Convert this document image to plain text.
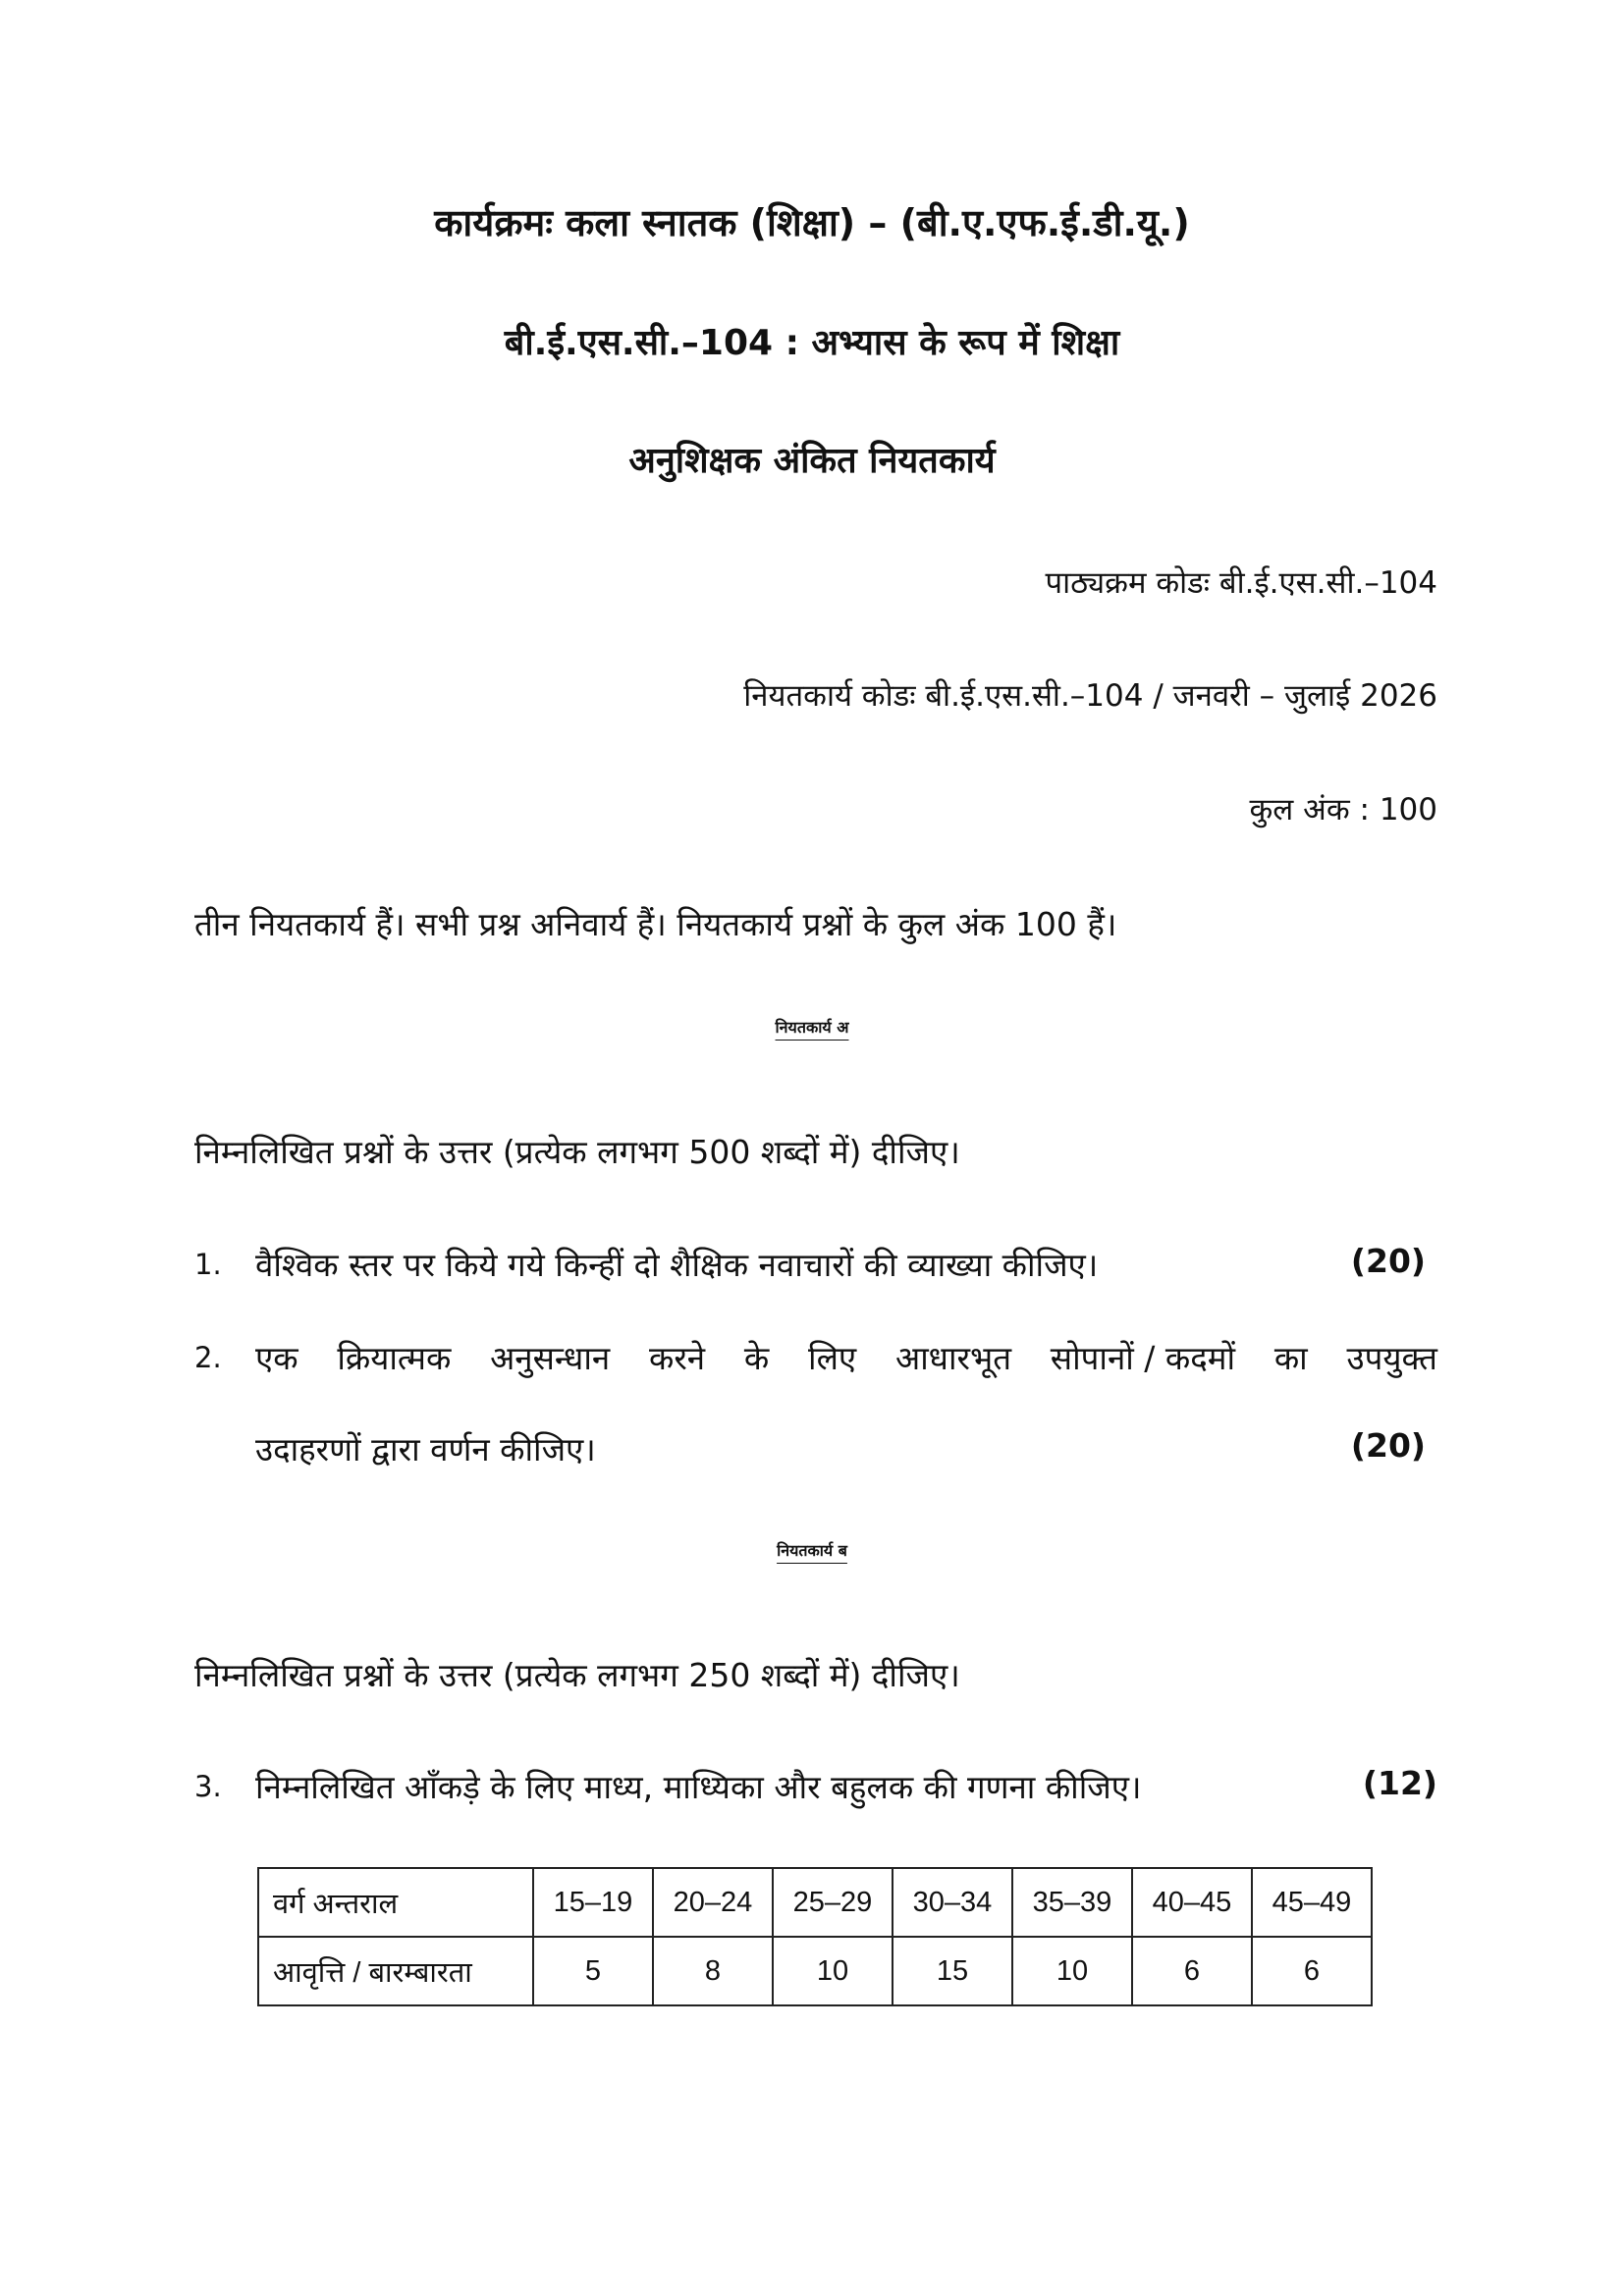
कार्यक्रमः कला स्नातक (शिक्षा) – (बी.ए.एफ.ई.डी.यू.)
बी.ई.एस.सी.–104 : अभ्यास के रूप में शिक्षा
अनुशिक्षक अंकित नियतकार्य
पाठ्यक्रम कोडः बी.ई.एस.सी.–104
नियतकार्य कोडः बी.ई.एस.सी.–104 / जनवरी – जुलाई 2026
कुल अंक : 100
तीन नियतकार्य हैं। सभी प्रश्न अनिवार्य हैं। नियतकार्य प्रश्नों के कुल अंक 100 हैं।
नियतकार्य अ
निम्नलिखित प्रश्नों के उत्तर (प्रत्येक लगभग 500 शब्दों में) दीजिए।
1. वैश्विक स्तर पर किये गये किन्हीं दो शैक्षिक नवाचारों की व्याख्या कीजिए।	(20)
2. एक क्रियात्मक अनुसन्धान करने के लिए आधारभूत सोपानों / कदमों का उपयुक्त
उदाहरणों द्वारा वर्णन कीजिए।	(20)
नियतकार्य ब
निम्नलिखित प्रश्नों के उत्तर (प्रत्येक लगभग 250 शब्दों में) दीजिए।
3. निम्नलिखित आँकड़े के लिए माध्य, माध्यिका और बहुलक की गणना कीजिए।	(12)
वर्ग अन्तराल	15–19	20–24	25–29	30–34	35–39	40–45	45–49
आवृत्ति / बारम्बारता	5	8	10	15	10	6	6
